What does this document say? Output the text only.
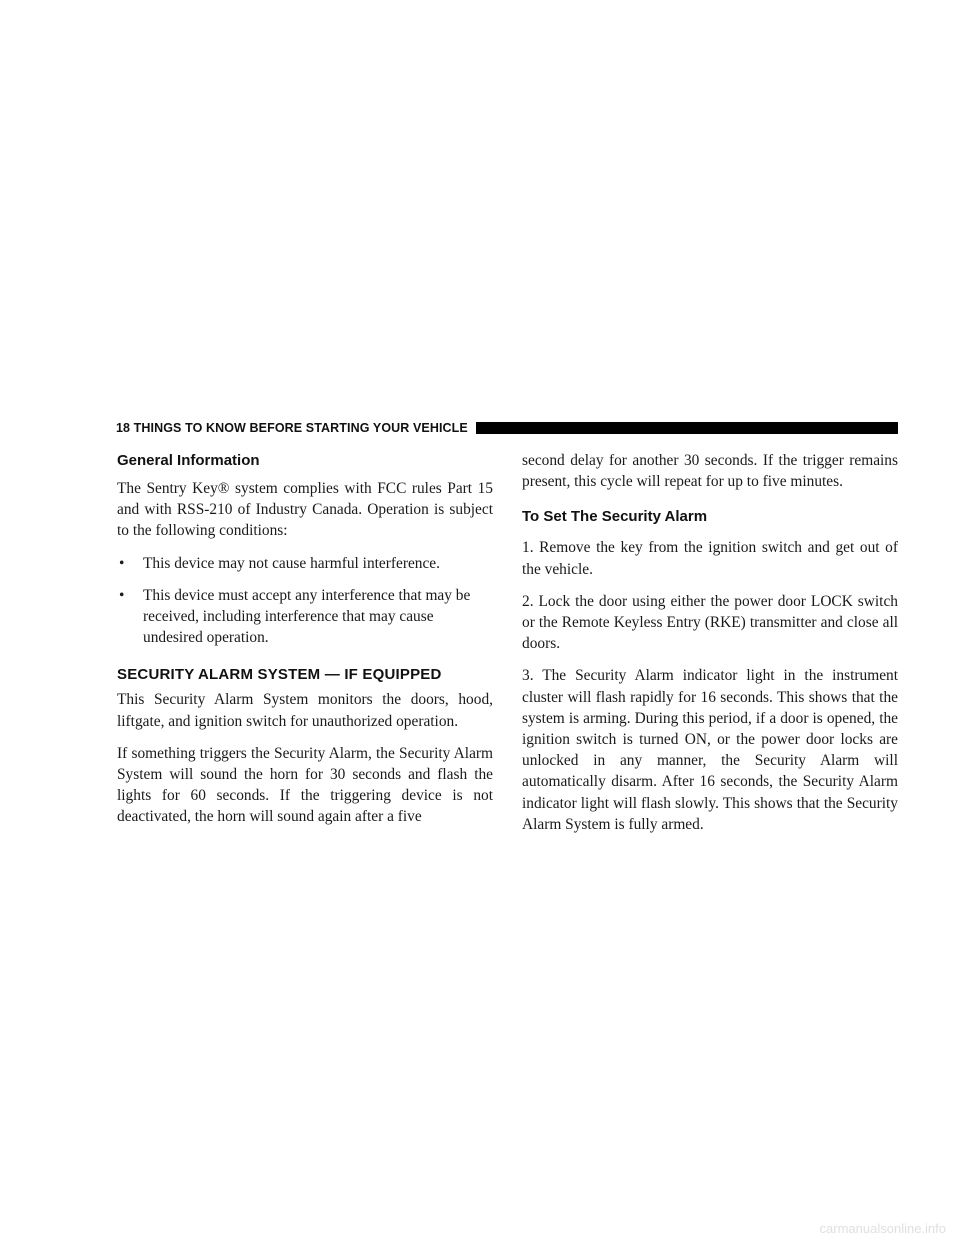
18 THINGS TO KNOW BEFORE STARTING YOUR VEHICLE
General Information

The Sentry Key® system complies with FCC rules Part 15 and with RSS-210 of Industry Canada. Operation is subject to the following conditions:

•	This device may not cause harmful interference.
•	This device must accept any interference that may be received, including interference that may cause undesired operation.
SECURITY ALARM SYSTEM — IF EQUIPPED

This Security Alarm System monitors the doors, hood, liftgate, and ignition switch for unauthorized operation.

If something triggers the Security Alarm, the Security Alarm System will sound the horn for 30 seconds and flash the lights for 60 seconds. If the triggering device is not deactivated, the horn will sound again after a five

second delay for another 30 seconds. If the trigger remains present, this cycle will repeat for up to five minutes.

To Set The Security Alarm

1. Remove the key from the ignition switch and get out of the vehicle.

2. Lock the door using either the power door LOCK switch or the Remote Keyless Entry (RKE) transmitter and close all doors.

3. The Security Alarm indicator light in the instrument cluster will flash rapidly for 16 seconds. This shows that the system is arming. During this period, if a door is opened, the ignition switch is turned ON, or the power door locks are unlocked in any manner, the Security Alarm will automatically disarm. After 16 seconds, the Security Alarm indicator light will flash slowly. This shows that the Security Alarm System is fully armed.

carmanualsonline.info
